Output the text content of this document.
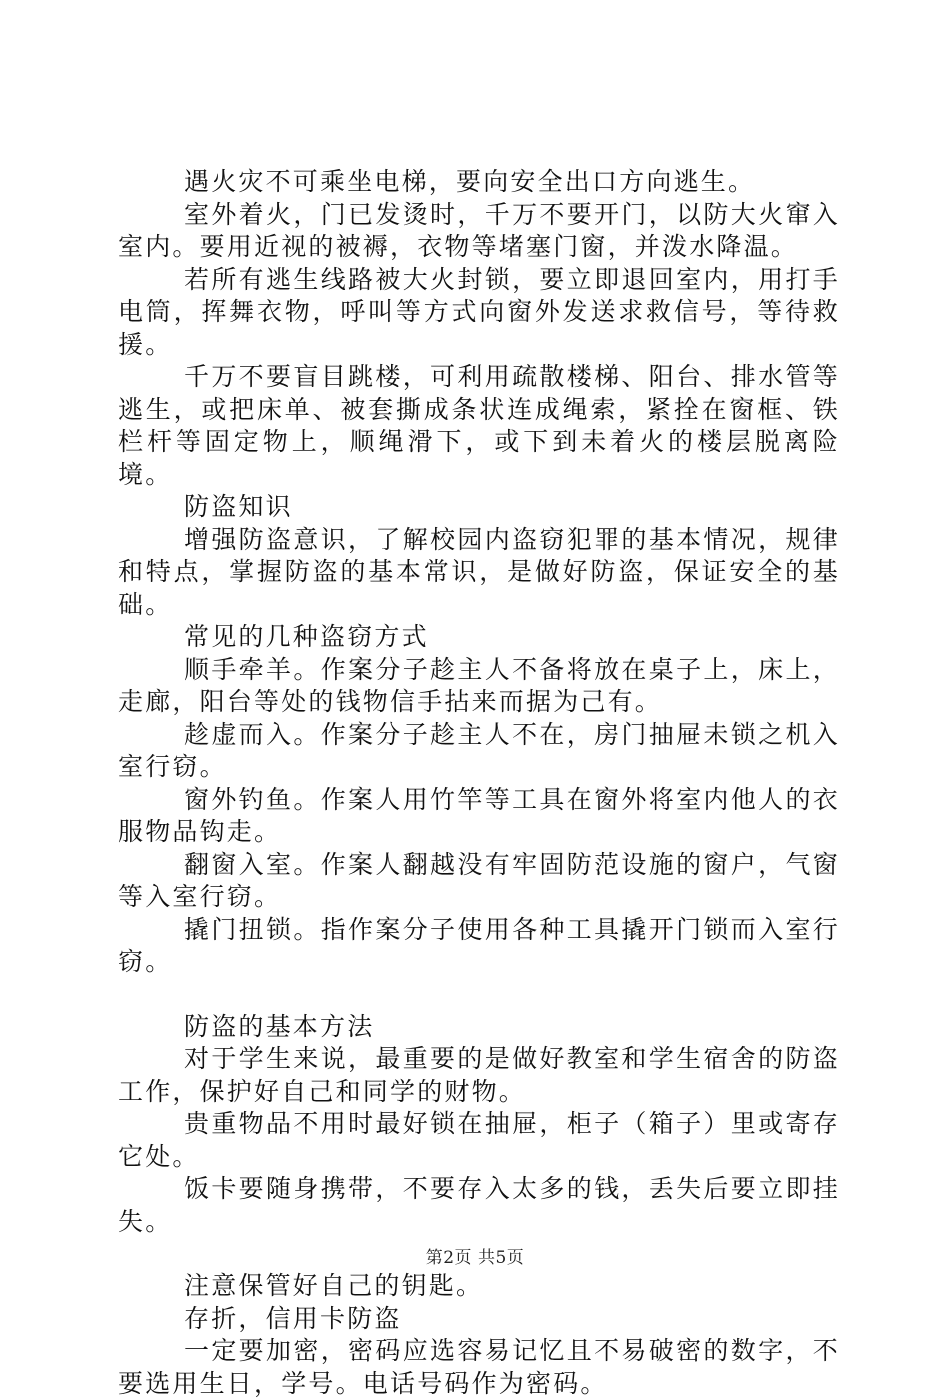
遇火灾不可乘坐电梯，要向安全出口方向逃生。

室外着火，门已发烫时，千万不要开门，以防大火窜入室内。要用近视的被褥，衣物等堵塞门窗，并泼水降温。

若所有逃生线路被大火封锁，要立即退回室内，用打手电筒，挥舞衣物，呼叫等方式向窗外发送求救信号，等待救援。

千万不要盲目跳楼，可利用疏散楼梯、阳台、排水管等逃生，或把床单、被套撕成条状连成绳索，紧拴在窗框、铁栏杆等固定物上，顺绳滑下，或下到未着火的楼层脱离险境。

防盗知识

增强防盗意识，了解校园内盗窃犯罪的基本情况，规律和特点，掌握防盗的基本常识，是做好防盗，保证安全的基础。

常见的几种盗窃方式

顺手牵羊。作案分子趁主人不备将放在桌子上，床上，走廊，阳台等处的钱物信手拈来而据为己有。

趁虚而入。作案分子趁主人不在，房门抽屉未锁之机入室行窃。

窗外钓鱼。作案人用竹竿等工具在窗外将室内他人的衣服物品钩走。

翻窗入室。作案人翻越没有牢固防范设施的窗户，气窗等入室行窃。

撬门扭锁。指作案分子使用各种工具撬开门锁而入室行窃。

防盗的基本方法

对于学生来说，最重要的是做好教室和学生宿舍的防盗工作，保护好自己和同学的财物。

贵重物品不用时最好锁在抽屉，柜子（箱子）里或寄存它处。

饭卡要随身携带，不要存入太多的钱，丢失后要立即挂失。

注意保管好自己的钥匙。

存折，信用卡防盗

一定要加密，密码应选容易记忆且不易破密的数字，不要选用生日，学号。电话号码作为密码。

第2页 共5页
